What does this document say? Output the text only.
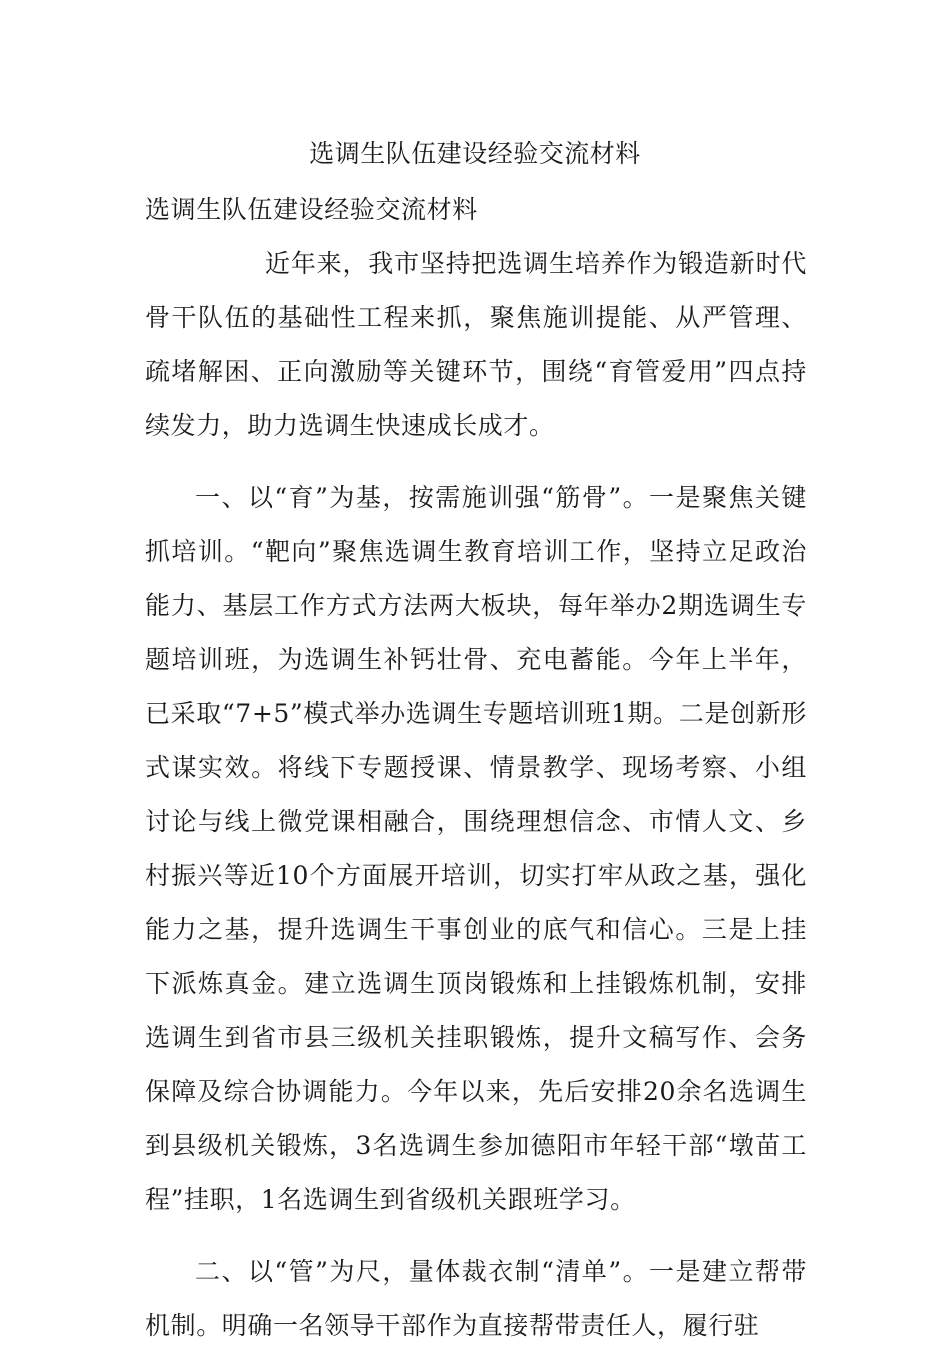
选调生队伍建设经验交流材料

选调生队伍建设经验交流材料

近年来，我市坚持把选调生培养作为锻造新时代骨干队伍的基础性工程来抓，聚焦施训提能、从严管理、疏堵解困、正向激励等关键环节，围绕“育管爱用”四点持续发力，助力选调生快速成长成才。

一、以“育”为基，按需施训强“筋骨”。一是聚焦关键抓培训。“靶向”聚焦选调生教育培训工作，坚持立足政治能力、基层工作方式方法两大板块，每年举办2期选调生专题培训班，为选调生补钙壮骨、充电蓄能。今年上半年，已采取“7+5”模式举办选调生专题培训班1期。二是创新形式谋实效。将线下专题授课、情景教学、现场考察、小组讨论与线上微党课相融合，围绕理想信念、市情人文、乡村振兴等近10个方面展开培训，切实打牢从政之基，强化能力之基，提升选调生干事创业的底气和信心。三是上挂下派炼真金。建立选调生顶岗锻炼和上挂锻炼机制，安排选调生到省市县三级机关挂职锻炼，提升文稿写作、会务保障及综合协调能力。今年以来，先后安排20余名选调生到县级机关锻炼，3名选调生参加德阳市年轻干部“墩苗工程”挂职，1名选调生到省级机关跟班学习。

二、以“管”为尺，量体裁衣制“清单”。一是建立帮带机制。明确一名领导干部作为直接帮带责任人，履行驻
